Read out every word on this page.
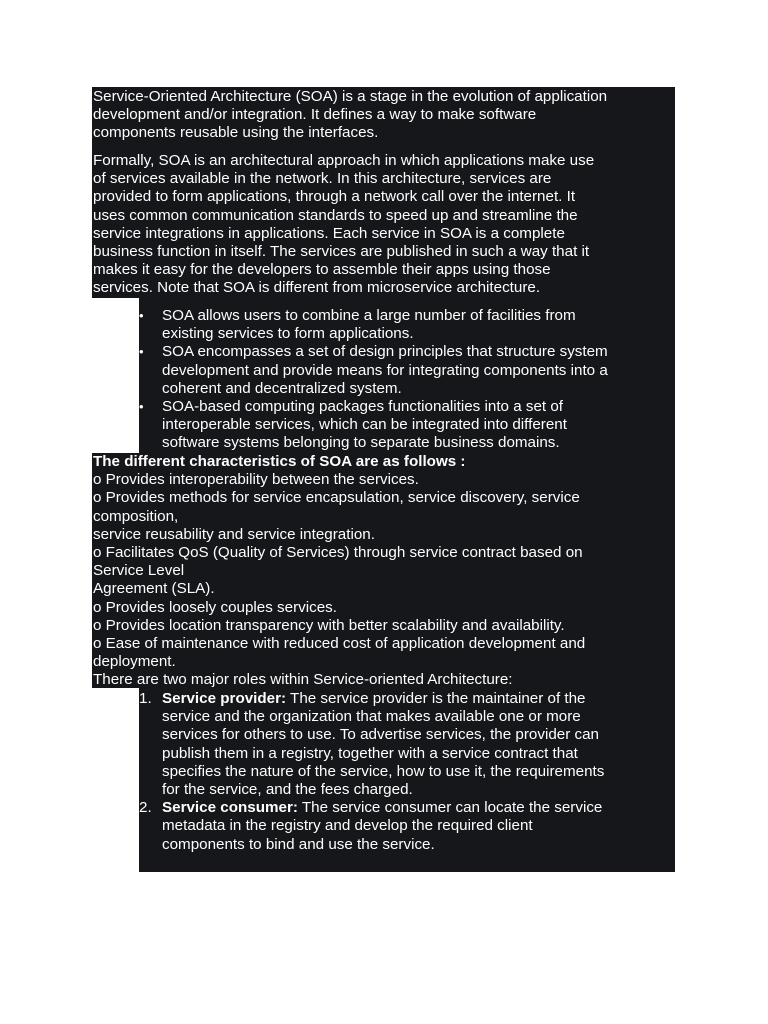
Service-Oriented Architecture (SOA) is a stage in the evolution of application
development and/or integration. It defines a way to make software
components reusable using the interfaces.
Formally, SOA is an architectural approach in which applications make use
of services available in the network. In this architecture, services are
provided to form applications, through a network call over the internet. It
uses common communication standards to speed up and streamline the
service integrations in applications. Each service in SOA is a complete
business function in itself. The services are published in such a way that it
makes it easy for the developers to assemble their apps using those
services. Note that SOA is different from microservice architecture.
• SOA allows users to combine a large number of facilities from
existing services to form applications.
• SOA encompasses a set of design principles that structure system
development and provide means for integrating components into a
coherent and decentralized system.
• SOA-based computing packages functionalities into a set of
interoperable services, which can be integrated into different
software systems belonging to separate business domains.
The different characteristics of SOA are as follows :
o Provides interoperability between the services.
o Provides methods for service encapsulation, service discovery, service
composition,
service reusability and service integration.
o Facilitates QoS (Quality of Services) through service contract based on
Service Level
Agreement (SLA).
o Provides loosely couples services.
o Provides location transparency with better scalability and availability.
o Ease of maintenance with reduced cost of application development and
deployment.
There are two major roles within Service-oriented Architecture:
1. Service provider: The service provider is the maintainer of the
service and the organization that makes available one or more
services for others to use. To advertise services, the provider can
publish them in a registry, together with a service contract that
specifies the nature of the service, how to use it, the requirements
for the service, and the fees charged.
2. Service consumer: The service consumer can locate the service
metadata in the registry and develop the required client
components to bind and use the service.
